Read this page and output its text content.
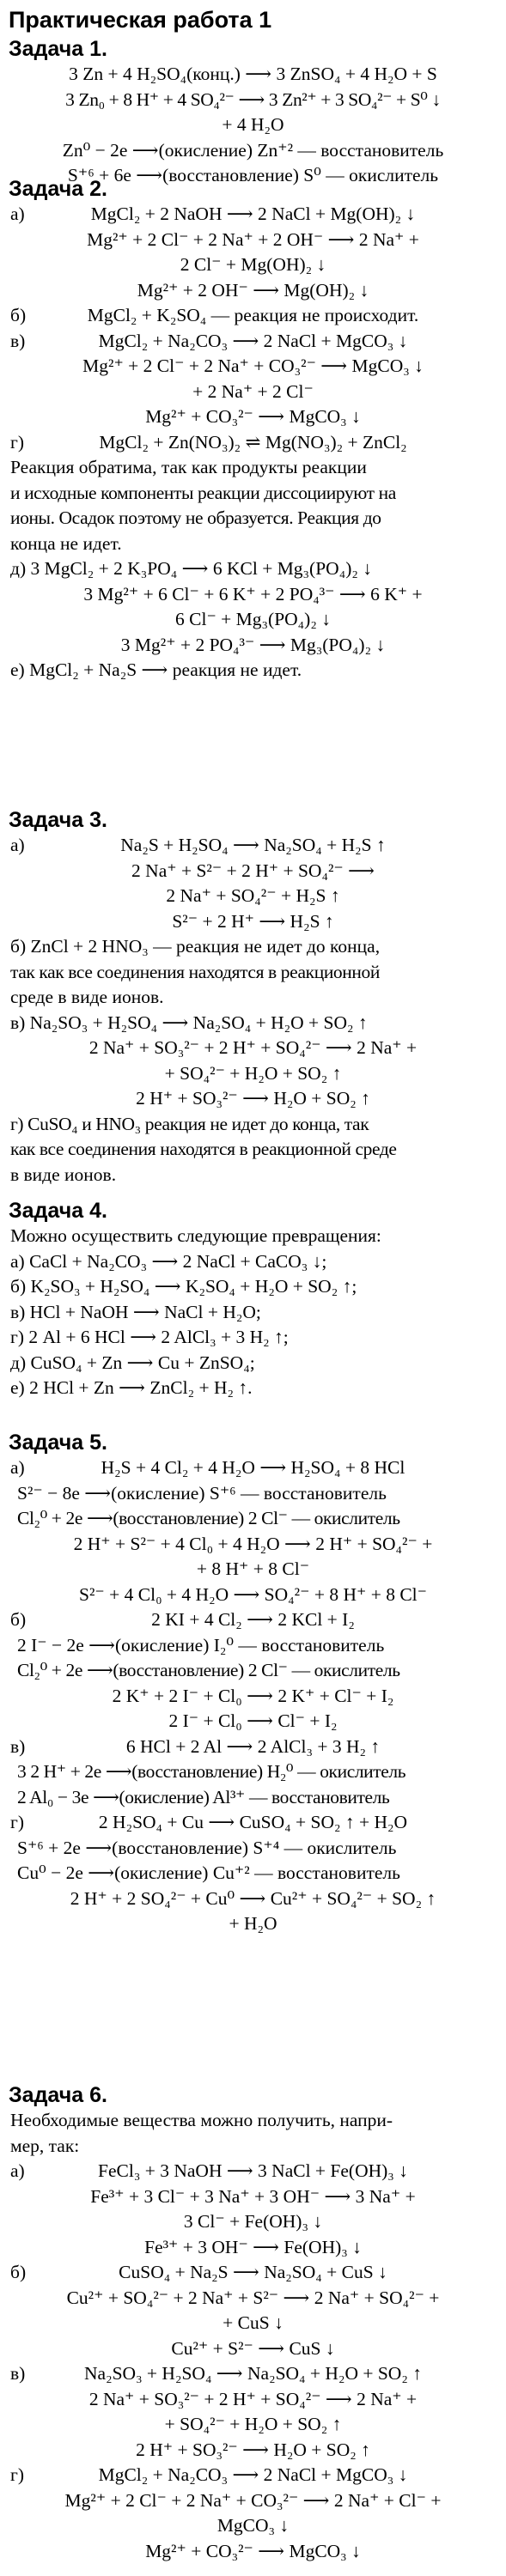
Практическая работа 1
Задача 1.
3 Zn + 4 H₂SO₄(конц.) ⟶ 3 ZnSO₄ + 4 H₂O + S
3 Zn₀ + 8 H⁺ + 4 SO₄²⁻ ⟶ 3 Zn²⁺ + 3 SO₄²⁻ + S⁰ ↓
+ 4 H₂O
Zn⁰ − 2e ⟶(окисление) Zn⁺² — восстановитель
S⁺⁶ + 6e ⟶(восстановление) S⁰ — окислитель
Задача 2.
а)	MgCl₂ + 2 NaOH ⟶ 2 NaCl + Mg(OH)₂ ↓
Mg²⁺ + 2 Cl⁻ + 2 Na⁺ + 2 OH⁻ ⟶ 2 Na⁺ +
2 Cl⁻ + Mg(OH)₂ ↓
Mg²⁺ + 2 OH⁻ ⟶ Mg(OH)₂ ↓
б)	MgCl₂ + K₂SO₄ — реакция не происходит.
в)	MgCl₂ + Na₂CO₃ ⟶ 2 NaCl + MgCO₃ ↓
Mg²⁺ + 2 Cl⁻ + 2 Na⁺ + CO₃²⁻ ⟶ MgCO₃ ↓
+ 2 Na⁺ + 2 Cl⁻
Mg²⁺ + CO₃²⁻ ⟶ MgCO₃ ↓
г)	MgCl₂ + Zn(NO₃)₂ ⇌ Mg(NO₃)₂ + ZnCl₂
Реакция обратима, так как продукты реакции
и исходные компоненты реакции диссоциируют на
ионы. Осадок поэтому не образуется. Реакция до
конца не идет.
д) 3 MgCl₂ + 2 K₃PO₄ ⟶ 6 KCl + Mg₃(PO₄)₂ ↓
3 Mg²⁺ + 6 Cl⁻ + 6 K⁺ + 2 PO₄³⁻ ⟶ 6 K⁺ +
6 Cl⁻ + Mg₃(PO₄)₂ ↓
3 Mg²⁺ + 2 PO₄³⁻ ⟶ Mg₃(PO₄)₂ ↓
е) MgCl₂ + Na₂S ⟶ реакция не идет.
Задача 3.
а)	Na₂S + H₂SO₄ ⟶ Na₂SO₄ + H₂S ↑
2 Na⁺ + S²⁻ + 2 H⁺ + SO₄²⁻ ⟶
2 Na⁺ + SO₄²⁻ + H₂S ↑
S²⁻ + 2 H⁺ ⟶ H₂S ↑
б) ZnCl + 2 HNO₃ — реакция не идет до конца,
так как все соединения находятся в реакционной
среде в виде ионов.
в) Na₂SO₃ + H₂SO₄ ⟶ Na₂SO₄ + H₂O + SO₂ ↑
2 Na⁺ + SO₃²⁻ + 2 H⁺ + SO₄²⁻ ⟶ 2 Na⁺ +
+ SO₄²⁻ + H₂O + SO₂ ↑
2 H⁺ + SO₃²⁻ ⟶ H₂O + SO₂ ↑
г) CuSO₄ и HNO₃ реакция не идет до конца, так
как все соединения находятся в реакционной среде
в виде ионов.
Задача 4.
Можно осуществить следующие превращения:
а) CaCl + Na₂CO₃ ⟶ 2 NaCl + CaCO₃ ↓;
б) K₂SO₃ + H₂SO₄ ⟶ K₂SO₄ + H₂O + SO₂ ↑;
в) HCl + NaOH ⟶ NaCl + H₂O;
г) 2 Al + 6 HCl ⟶ 2 AlCl₃ + 3 H₂ ↑;
д) CuSO₄ + Zn ⟶ Cu + ZnSO₄;
е) 2 HCl + Zn ⟶ ZnCl₂ + H₂ ↑.
Задача 5.
а)	H₂S + 4 Cl₂ + 4 H₂O ⟶ H₂SO₄ + 8 HCl
S²⁻ − 8e ⟶(окисление) S⁺⁶ — восстановитель
Cl₂⁰ + 2e ⟶(восстановление) 2 Cl⁻ — окислитель
2 H⁺ + S²⁻ + 4 Cl₀ + 4 H₂O ⟶ 2 H⁺ + SO₄²⁻ +
+ 8 H⁺ + 8 Cl⁻
S²⁻ + 4 Cl₀ + 4 H₂O ⟶ SO₄²⁻ + 8 H⁺ + 8 Cl⁻
б)	2 KI + 4 Cl₂ ⟶ 2 KCl + I₂
2 I⁻ − 2e ⟶(окисление) I₂⁰ — восстановитель
Cl₂⁰ + 2e ⟶(восстановление) 2 Cl⁻ — окислитель
2 K⁺ + 2 I⁻ + Cl₀ ⟶ 2 K⁺ + Cl⁻ + I₂
2 I⁻ + Cl₀ ⟶ Cl⁻ + I₂
в)	6 HCl + 2 Al ⟶ 2 AlCl₃ + 3 H₂ ↑
3 2 H⁺ + 2e ⟶(восстановление) H₂⁰ — окислитель
2 Al₀ − 3e ⟶(окисление) Al³⁺ — восстановитель
г)	2 H₂SO₄ + Cu ⟶ CuSO₄ + SO₂ ↑ + H₂O
S⁺⁶ + 2e ⟶(восстановление) S⁺⁴ — окислитель
Cu⁰ − 2e ⟶(окисление) Cu⁺² — восстановитель
2 H⁺ + 2 SO₄²⁻ + Cu⁰ ⟶ Cu²⁺ + SO₄²⁻ + SO₂ ↑
+ H₂O
Задача 6.
Необходимые вещества можно получить, напри-
мер, так:
а)	FeCl₃ + 3 NaOH ⟶ 3 NaCl + Fe(OH)₃ ↓
Fe³⁺ + 3 Cl⁻ + 3 Na⁺ + 3 OH⁻ ⟶ 3 Na⁺ +
3 Cl⁻ + Fe(OH)₃ ↓
Fe³⁺ + 3 OH⁻ ⟶ Fe(OH)₃ ↓
б)	CuSO₄ + Na₂S ⟶ Na₂SO₄ + CuS ↓
Cu²⁺ + SO₄²⁻ + 2 Na⁺ + S²⁻ ⟶ 2 Na⁺ + SO₄²⁻ +
+ CuS ↓
Cu²⁺ + S²⁻ ⟶ CuS ↓
в)	Na₂SO₃ + H₂SO₄ ⟶ Na₂SO₄ + H₂O + SO₂ ↑
2 Na⁺ + SO₃²⁻ + 2 H⁺ + SO₄²⁻ ⟶ 2 Na⁺ +
+ SO₄²⁻ + H₂O + SO₂ ↑
2 H⁺ + SO₃²⁻ ⟶ H₂O + SO₂ ↑
г)	MgCl₂ + Na₂CO₃ ⟶ 2 NaCl + MgCO₃ ↓
Mg²⁺ + 2 Cl⁻ + 2 Na⁺ + CO₃²⁻ ⟶ 2 Na⁺ + Cl⁻ +
MgCO₃ ↓
Mg²⁺ + CO₃²⁻ ⟶ MgCO₃ ↓
